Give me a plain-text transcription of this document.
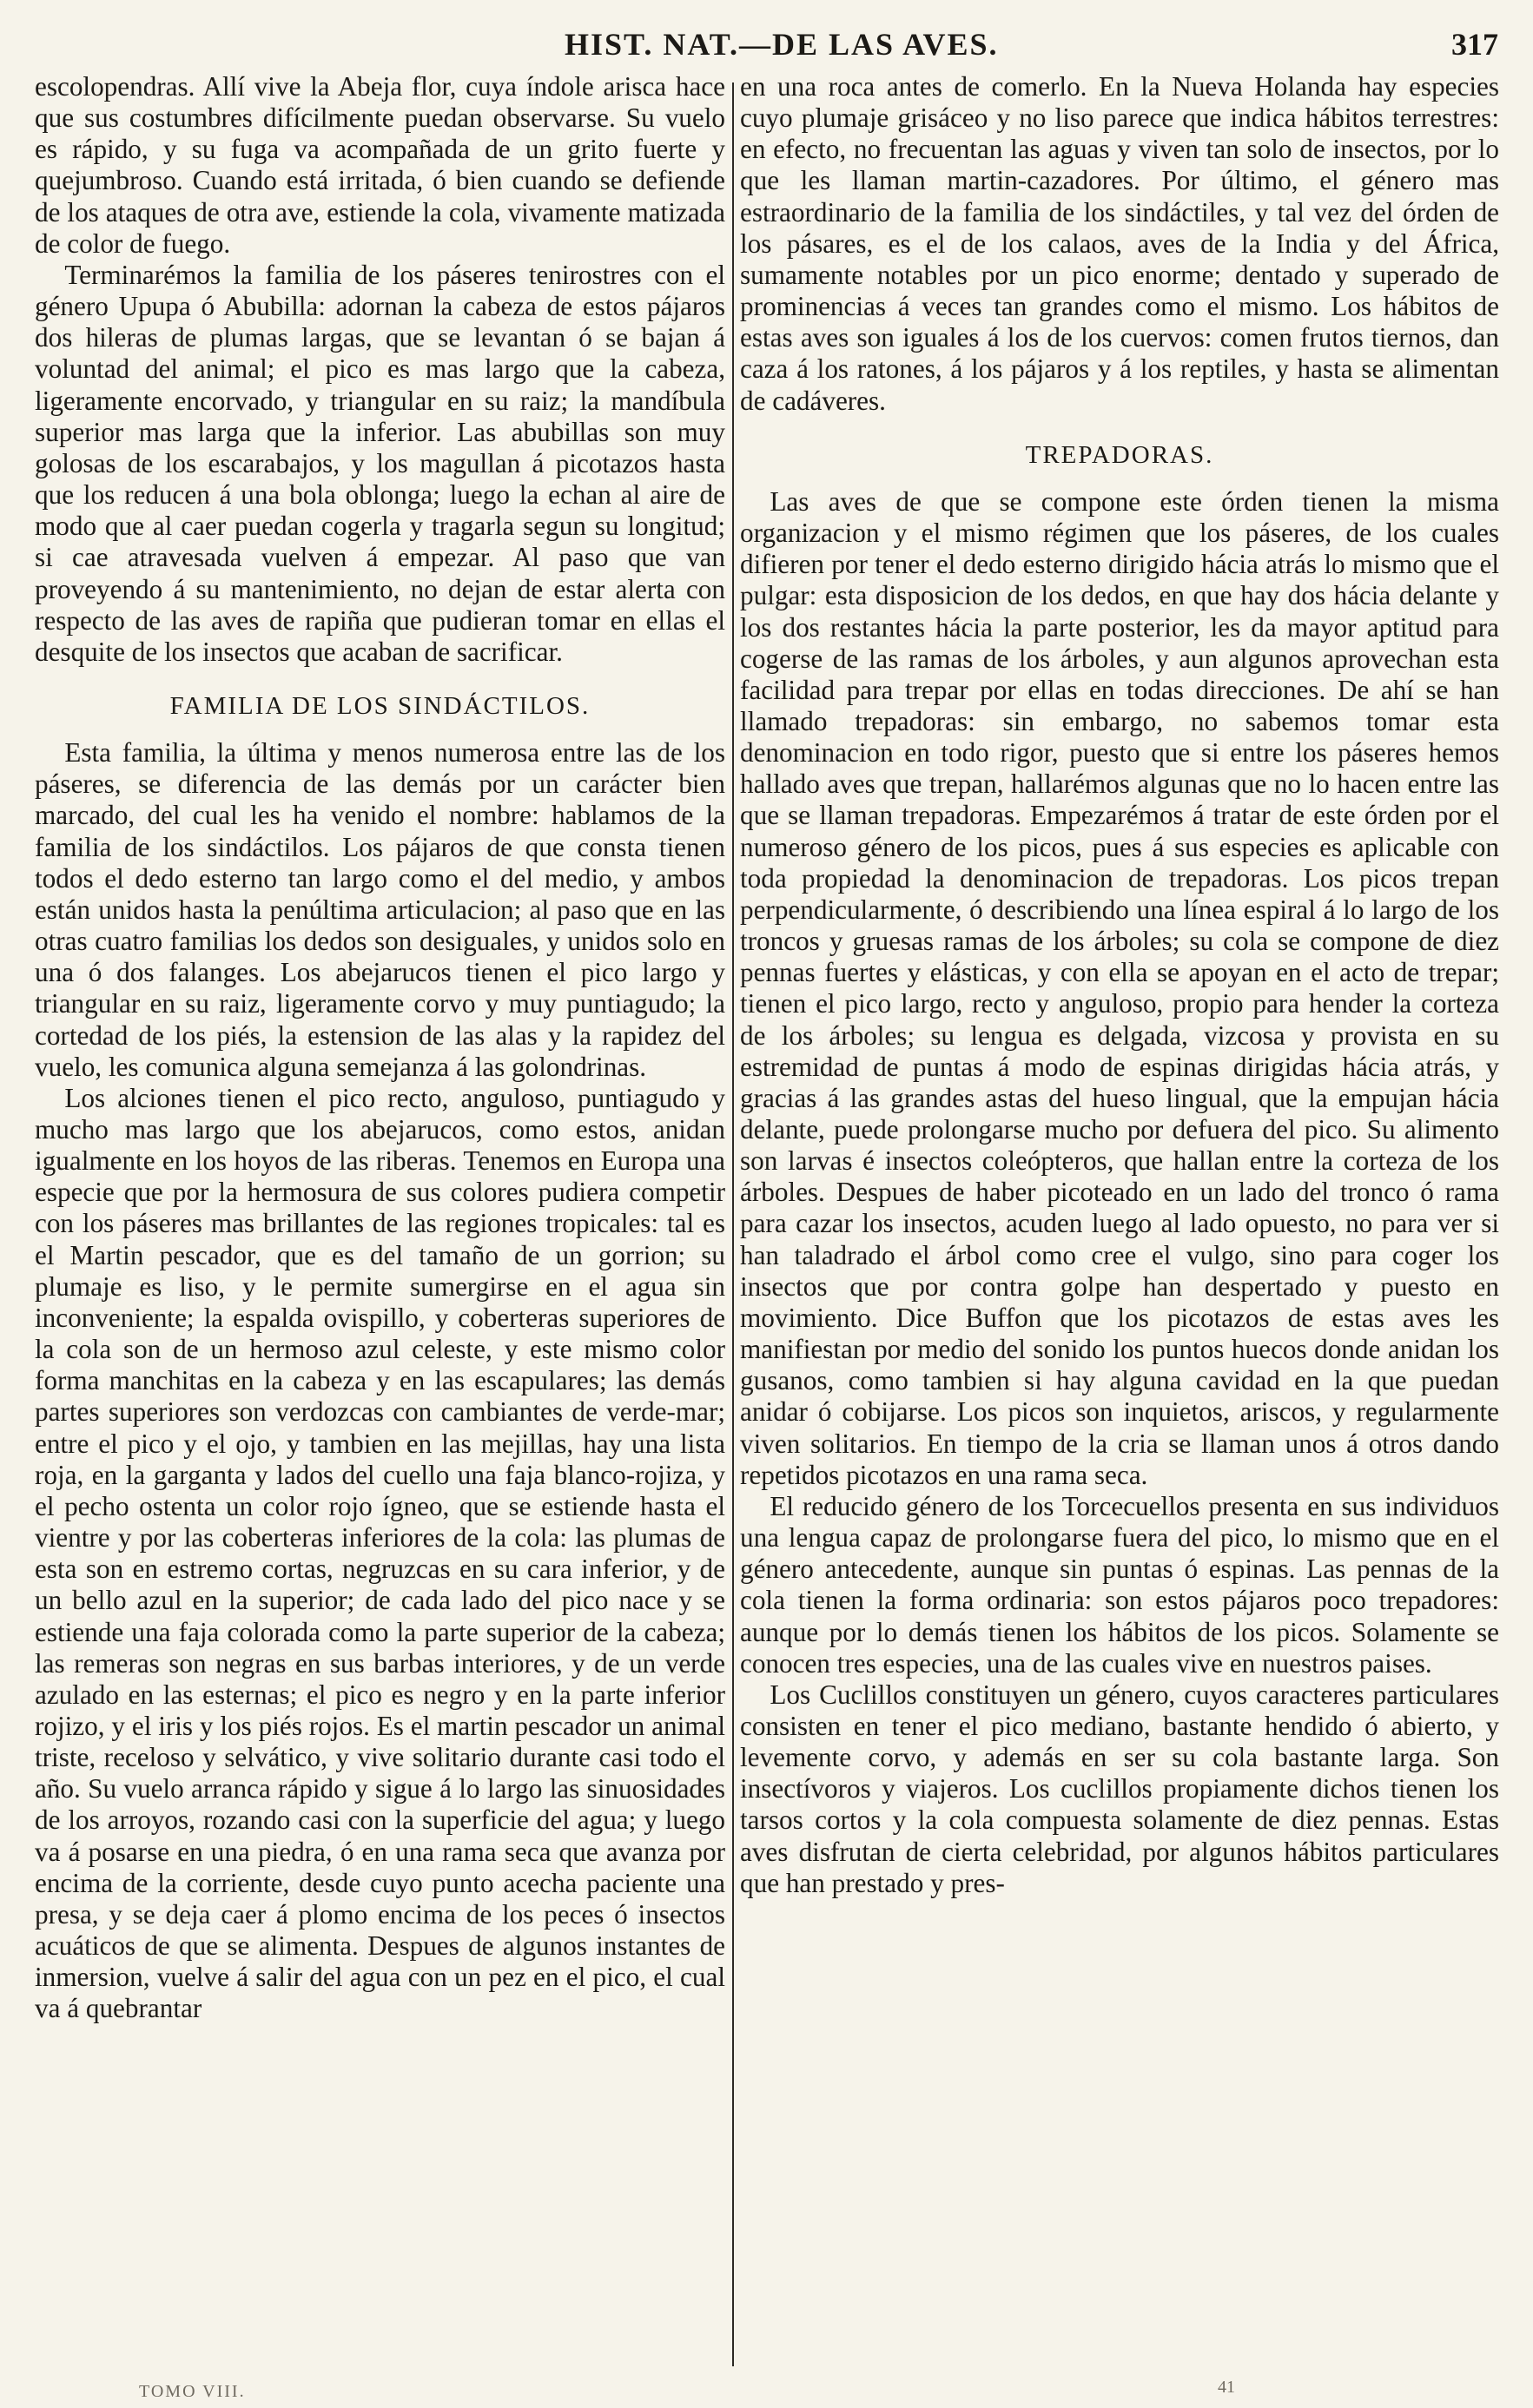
HIST. NAT.—DE LAS AVES.	317

escolopendras. Allí vive la Abeja flor, cuya índole arisca hace que sus costumbres difícilmente puedan observarse. Su vuelo es rápido, y su fuga va acompañada de un grito fuerte y quejumbroso. Cuando está irritada, ó bien cuando se defiende de los ataques de otra ave, estiende la cola, vivamente matizada de color de fuego.

Terminarémos la familia de los páseres tenirostres con el género Upupa ó Abubilla: adornan la cabeza de estos pájaros dos hileras de plumas largas, que se levantan ó se bajan á voluntad del animal; el pico es mas largo que la cabeza, ligeramente encorvado, y triangular en su raiz; la mandíbula superior mas larga que la inferior. Las abubillas son muy golosas de los escarabajos, y los magullan á picotazos hasta que los reducen á una bola oblonga; luego la echan al aire de modo que al caer puedan cogerla y tragarla segun su longitud; si cae atravesada vuelven á empezar. Al paso que van proveyendo á su mantenimiento, no dejan de estar alerta con respecto de las aves de rapiña que pudieran tomar en ellas el desquite de los insectos que acaban de sacrificar.

FAMILIA DE LOS SINDÁCTILOS.

Esta familia, la última y menos numerosa entre las de los páseres, se diferencia de las demás por un carácter bien marcado, del cual les ha venido el nombre: hablamos de la familia de los sindáctilos. Los pájaros de que consta tienen todos el dedo esterno tan largo como el del medio, y ambos están unidos hasta la penúltima articulacion; al paso que en las otras cuatro familias los dedos son desiguales, y unidos solo en una ó dos falanges. Los abejarucos tienen el pico largo y triangular en su raiz, ligeramente corvo y muy puntiagudo; la cortedad de los piés, la estension de las alas y la rapidez del vuelo, les comunica alguna semejanza á las golondrinas.

Los alciones tienen el pico recto, anguloso, puntiagudo y mucho mas largo que los abejarucos, como estos, anidan igualmente en los hoyos de las riberas. Tenemos en Europa una especie que por la hermosura de sus colores pudiera competir con los páseres mas brillantes de las regiones tropicales: tal es el Martin pescador, que es del tamaño de un gorrion; su plumaje es liso, y le permite sumergirse en el agua sin inconveniente; la espalda ovispillo, y coberteras superiores de la cola son de un hermoso azul celeste, y este mismo color forma manchitas en la cabeza y en las escapulares; las demás partes superiores son verdozcas con cambiantes de verde-mar; entre el pico y el ojo, y tambien en las mejillas, hay una lista roja, en la garganta y lados del cuello una faja blanco-rojiza, y el pecho ostenta un color rojo ígneo, que se estiende hasta el vientre y por las coberteras inferiores de la cola: las plumas de esta son en estremo cortas, negruzcas en su cara inferior, y de un bello azul en la superior; de cada lado del pico nace y se estiende una faja colorada como la parte superior de la cabeza; las remeras son negras en sus barbas interiores, y de un verde azulado en las esternas; el pico es negro y en la parte inferior rojizo, y el iris y los piés rojos. Es el martin pescador un animal triste, receloso y selvático, y vive solitario durante casi todo el año. Su vuelo arranca rápido y sigue á lo largo las sinuosidades de los arroyos, rozando casi con la superficie del agua; y luego va á posarse en una piedra, ó en una rama seca que avanza por encima de la corriente, desde cuyo punto acecha paciente una presa, y se deja caer á plomo encima de los peces ó insectos acuáticos de que se alimenta. Despues de algunos instantes de inmersion, vuelve á salir del agua con un pez en el pico, el cual va á quebrantar

en una roca antes de comerlo. En la Nueva Holanda hay especies cuyo plumaje grisáceo y no liso parece que indica hábitos terrestres: en efecto, no frecuentan las aguas y viven tan solo de insectos, por lo que les llaman martin-cazadores. Por último, el género mas estraordinario de la familia de los sindáctiles, y tal vez del órden de los pásares, es el de los calaos, aves de la India y del África, sumamente notables por un pico enorme; dentado y superado de prominencias á veces tan grandes como el mismo. Los hábitos de estas aves son iguales á los de los cuervos: comen frutos tiernos, dan caza á los ratones, á los pájaros y á los reptiles, y hasta se alimentan de cadáveres.

TREPADORAS.

Las aves de que se compone este órden tienen la misma organizacion y el mismo régimen que los páseres, de los cuales difieren por tener el dedo esterno dirigido hácia atrás lo mismo que el pulgar: esta disposicion de los dedos, en que hay dos hácia delante y los dos restantes hácia la parte posterior, les da mayor aptitud para cogerse de las ramas de los árboles, y aun algunos aprovechan esta facilidad para trepar por ellas en todas direcciones. De ahí se han llamado trepadoras: sin embargo, no sabemos tomar esta denominacion en todo rigor, puesto que si entre los páseres hemos hallado aves que trepan, hallarémos algunas que no lo hacen entre las que se llaman trepadoras. Empezarémos á tratar de este órden por el numeroso género de los picos, pues á sus especies es aplicable con toda propiedad la denominacion de trepadoras. Los picos trepan perpendicularmente, ó describiendo una línea espiral á lo largo de los troncos y gruesas ramas de los árboles; su cola se compone de diez pennas fuertes y elásticas, y con ella se apoyan en el acto de trepar; tienen el pico largo, recto y anguloso, propio para hender la corteza de los árboles; su lengua es delgada, vizcosa y provista en su estremidad de puntas á modo de espinas dirigidas hácia atrás, y gracias á las grandes astas del hueso lingual, que la empujan hácia delante, puede prolongarse mucho por defuera del pico. Su alimento son larvas é insectos coleópteros, que hallan entre la corteza de los árboles. Despues de haber picoteado en un lado del tronco ó rama para cazar los insectos, acuden luego al lado opuesto, no para ver si han taladrado el árbol como cree el vulgo, sino para coger los insectos que por contra golpe han despertado y puesto en movimiento. Dice Buffon que los picotazos de estas aves les manifiestan por medio del sonido los puntos huecos donde anidan los gusanos, como tambien si hay alguna cavidad en la que puedan anidar ó cobijarse. Los picos son inquietos, ariscos, y regularmente viven solitarios. En tiempo de la cria se llaman unos á otros dando repetidos picotazos en una rama seca.

El reducido género de los Torcecuellos presenta en sus individuos una lengua capaz de prolongarse fuera del pico, lo mismo que en el género antecedente, aunque sin puntas ó espinas. Las pennas de la cola tienen la forma ordinaria: son estos pájaros poco trepadores: aunque por lo demás tienen los hábitos de los picos. Solamente se conocen tres especies, una de las cuales vive en nuestros paises.

Los Cuclillos constituyen un género, cuyos caracteres particulares consisten en tener el pico mediano, bastante hendido ó abierto, y levemente corvo, y además en ser su cola bastante larga. Son insectívoros y viajeros. Los cuclillos propiamente dichos tienen los tarsos cortos y la cola compuesta solamente de diez pennas. Estas aves disfrutan de cierta celebridad, por algunos hábitos particulares que han prestado y pres-

TOMO VIII.	41
